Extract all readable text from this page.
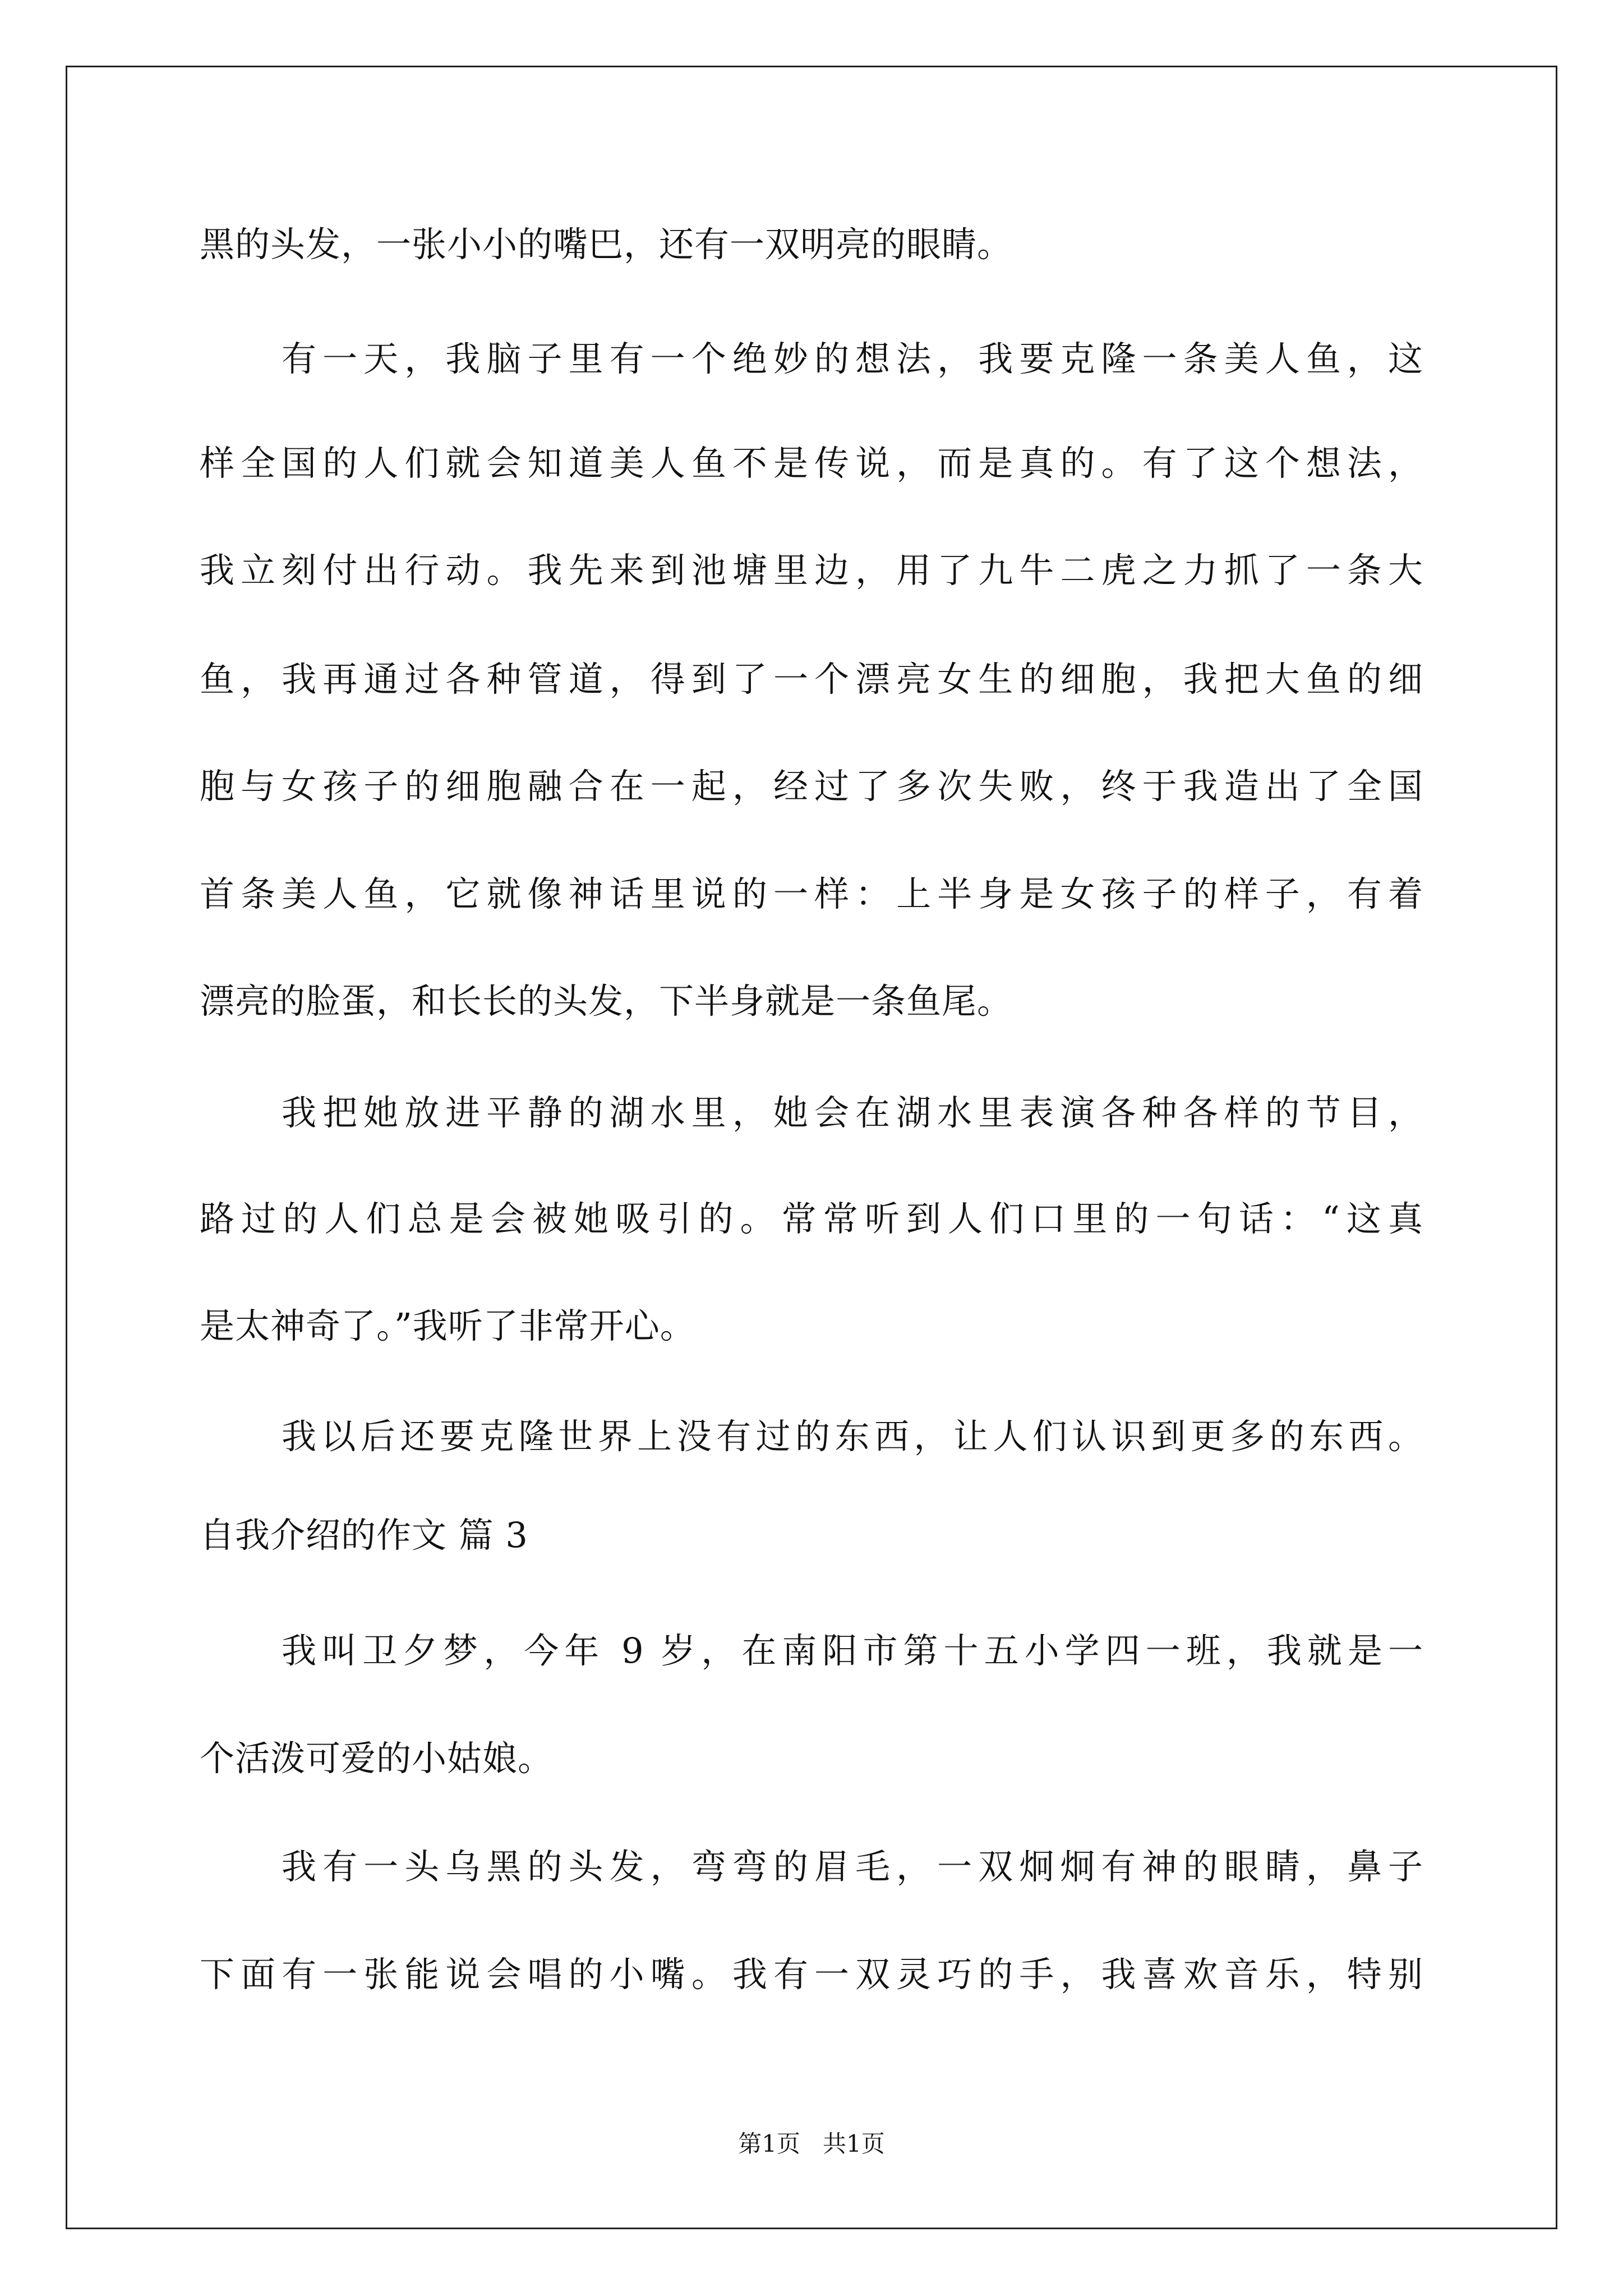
黑的头发，一张小小的嘴巴，还有一双明亮的眼睛。
有一天，我脑子里有一个绝妙的想法，我要克隆一条美人鱼，这
样全国的人们就会知道美人鱼不是传说，而是真的。有了这个想法，
我立刻付出行动。我先来到池塘里边，用了九牛二虎之力抓了一条大
鱼，我再通过各种管道，得到了一个漂亮女生的细胞，我把大鱼的细
胞与女孩子的细胞融合在一起，经过了多次失败，终于我造出了全国
首条美人鱼，它就像神话里说的一样：上半身是女孩子的样子，有着
漂亮的脸蛋，和长长的头发，下半身就是一条鱼尾。
我把她放进平静的湖水里，她会在湖水里表演各种各样的节目，
路过的人们总是会被她吸引的。常常听到人们口里的一句话：“这真
是太神奇了。”我听了非常开心。
我以后还要克隆世界上没有过的东西，让人们认识到更多的东西。
自我介绍的作文 篇 3
我叫卫夕梦，今年 9 岁，在南阳市第十五小学四一班，我就是一
个活泼可爱的小姑娘。
我有一头乌黑的头发，弯弯的眉毛，一双炯炯有神的眼睛，鼻子
下面有一张能说会唱的小嘴。我有一双灵巧的手，我喜欢音乐，特别
第1页   共1页
